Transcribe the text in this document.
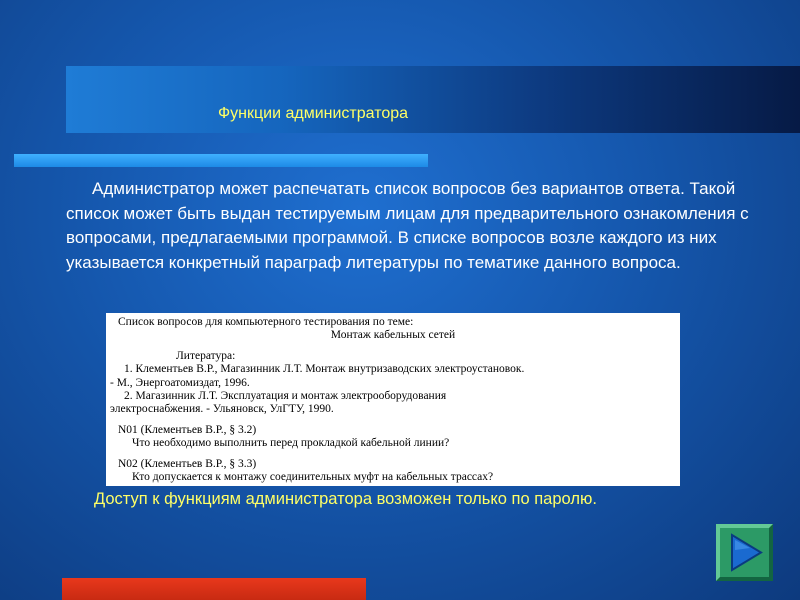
Функции администратора

Администратор может распечатать список вопросов без вариантов ответа. Такой список может быть выдан тестируемым лицам для предварительного ознакомления с вопросами, предлагаемыми программой. В списке вопросов возле каждого из них указывается конкретный параграф литературы по тематике данного вопроса.

Список вопросов для компьютерного тестирования по теме:
Монтаж кабельных сетей
Литература:
1. Клементьев В.Р., Магазинник Л.Т. Монтаж внутризаводских электроустановок.
- М., Энергоатомиздат, 1996.
2. Магазинник Л.Т. Эксплуатация и монтаж электрооборудования
электроснабжения. - Ульяновск, УлГТУ, 1990.
N01 (Клементьев В.Р., § 3.2)
Что необходимо выполнить перед прокладкой кабельной линии?
N02 (Клементьев В.Р., § 3.3)
Кто допускается к монтажу соединительных муфт на кабельных трассах?

Доступ к функциям администратора возможен только по паролю.
